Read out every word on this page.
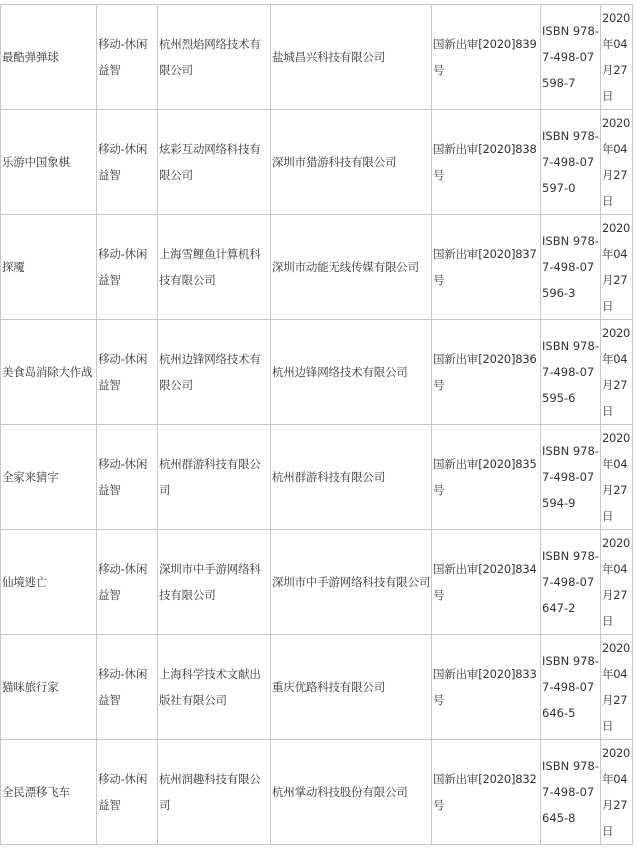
最酷弹弹球	移动-休闲益智	杭州烈焰网络技术有限公司	盐城昌兴科技有限公司	国新出审[2020]839号	ISBN 978-7-498-07598-7	2020年04月27日
乐游中国象棋	移动-休闲益智	炫彩互动网络科技有限公司	深圳市猎游科技有限公司	国新出审[2020]838号	ISBN 978-7-498-07597-0	2020年04月27日
探魇	移动-休闲益智	上海雪鲤鱼计算机科技有限公司	深圳市动能无线传媒有限公司	国新出审[2020]837号	ISBN 978-7-498-07596-3	2020年04月27日
美食岛消除大作战	移动-休闲益智	杭州边锋网络技术有限公司	杭州边锋网络技术有限公司	国新出审[2020]836号	ISBN 978-7-498-07595-6	2020年04月27日
全家来猜字	移动-休闲益智	杭州群游科技有限公司	杭州群游科技有限公司	国新出审[2020]835号	ISBN 978-7-498-07594-9	2020年04月27日
仙境逃亡	移动-休闲益智	深圳市中手游网络科技有限公司	深圳市中手游网络科技有限公司	国新出审[2020]834号	ISBN 978-7-498-07647-2	2020年04月27日
猫咪旅行家	移动-休闲益智	上海科学技术文献出版社有限公司	重庆优路科技有限公司	国新出审[2020]833号	ISBN 978-7-498-07646-5	2020年04月27日
全民漂移飞车	移动-休闲益智	杭州润趣科技有限公司	杭州掌动科技股份有限公司	国新出审[2020]832号	ISBN 978-7-498-07645-8	2020年04月27日
